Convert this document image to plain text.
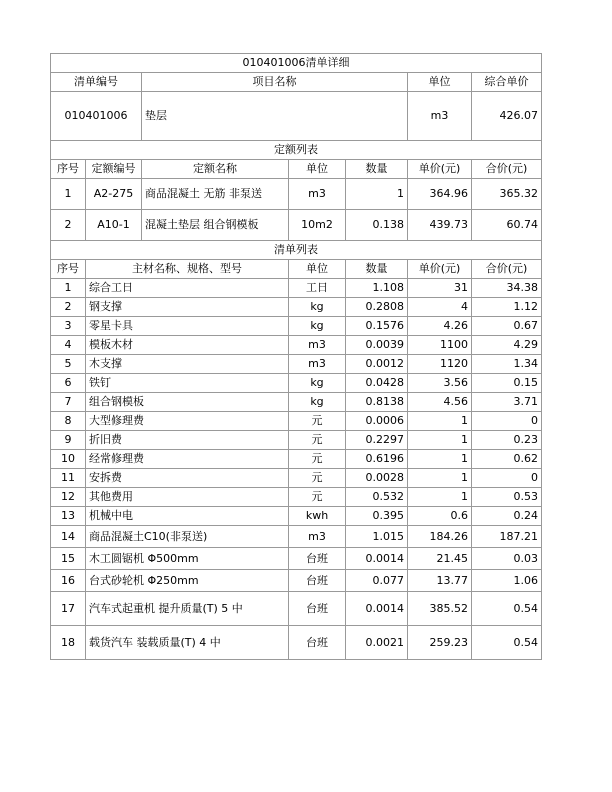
010401006清单详细						
清单编号		项目名称			单位	综合单价
010401006		垫层			m3	426.07
定额列表						
序号	定额编号	定额名称	单位	数量	单价(元)	合价(元)
1	A2-275	商品混凝土 无筋 非泵送	m3	1	364.96	365.32
2	A10-1	混凝土垫层 组合钢模板	10m2	0.138	439.73	60.74
清单列表						
序号	主材名称、规格、型号		单位	数量	单价(元)	合价(元)
1	综合工日		工日	1.108	31	34.38
2	钢支撑		kg	0.2808	4	1.12
3	零星卡具		kg	0.1576	4.26	0.67
4	模板木材		m3	0.0039	1100	4.29
5	木支撑		m3	0.0012	1120	1.34
6	铁钉		kg	0.0428	3.56	0.15
7	组合钢模板		kg	0.8138	4.56	3.71
8	大型修理费		元	0.0006	1	0
9	折旧费		元	0.2297	1	0.23
10	经常修理费		元	0.6196	1	0.62
11	安拆费		元	0.0028	1	0
12	其他费用		元	0.532	1	0.53
13	机械中电		kwh	0.395	0.6	0.24
14	商品混凝土C10(非泵送)		m3	1.015	184.26	187.21
15	木工圆锯机 Φ500mm		台班	0.0014	21.45	0.03
16	台式砂轮机 Φ250mm		台班	0.077	13.77	1.06
17	汽车式起重机 提升质量(T) 5 中		台班	0.0014	385.52	0.54
18	载货汽车 装载质量(T) 4 中		台班	0.0021	259.23	0.54
